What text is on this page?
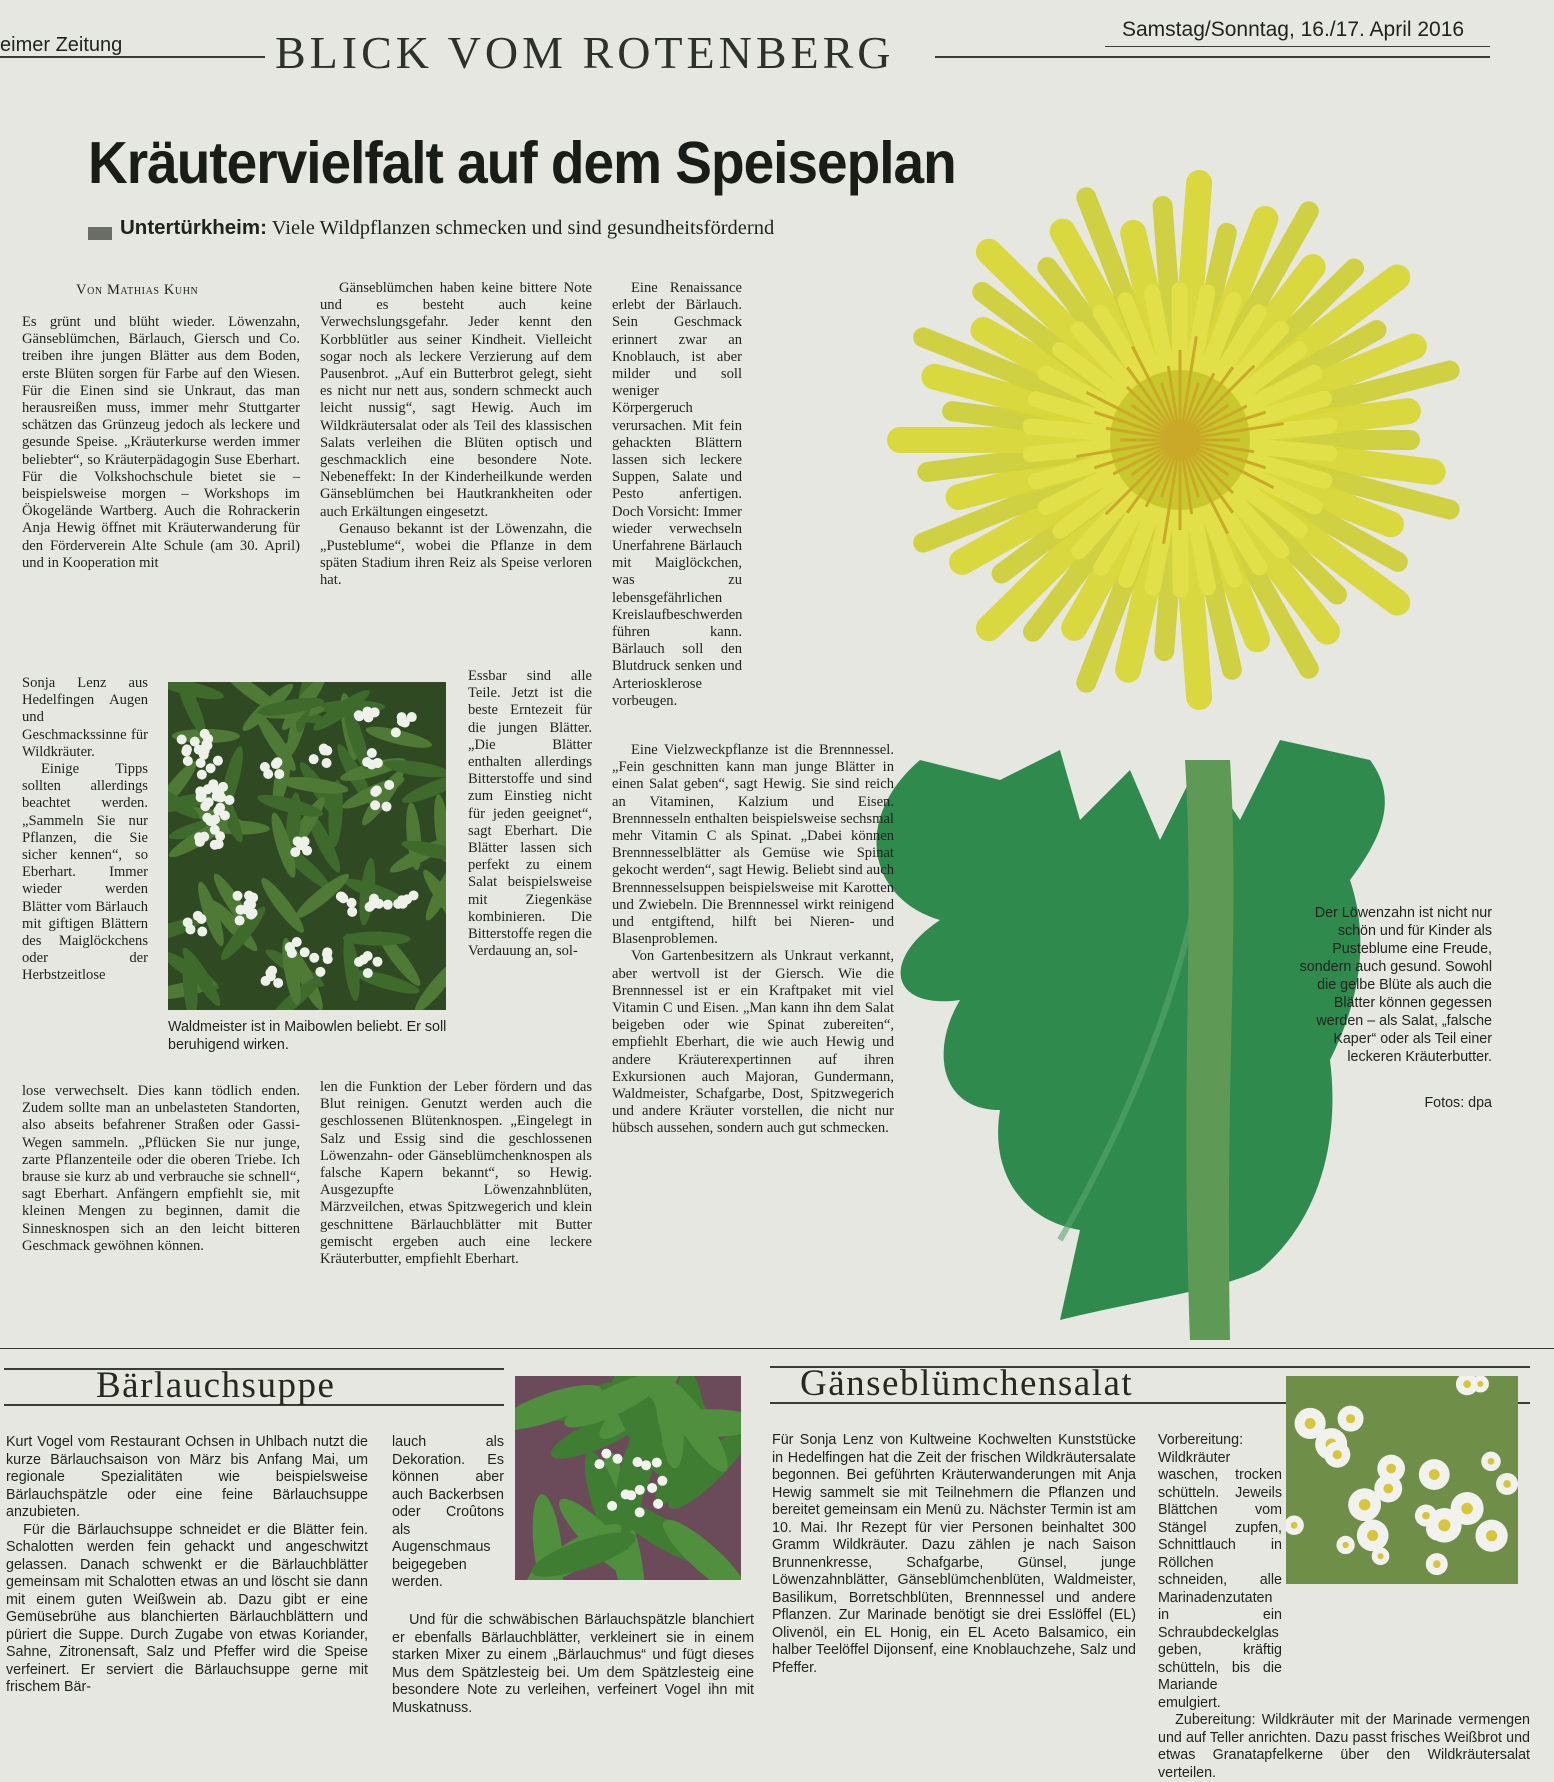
eimer Zeitung	BLICK VOM ROTENBERG	Samstag/Sonntag, 16./17. April 2016
Kräutervielfalt auf dem Speiseplan
Untertürkheim: Viele Wildpflanzen schmecken und sind gesundheitsfördernd
Von Mathias Kuhn

Es grünt und blüht wieder. Löwenzahn, Gänseblümchen, Bärlauch, Giersch und Co. treiben ihre jungen Blätter aus dem Boden, erste Blüten sorgen für Farbe auf den Wiesen. Für die Einen sind sie Unkraut, das man herausreißen muss, immer mehr Stuttgarter schätzen das Grünzeug jedoch als leckere und gesunde Speise. „Kräuterkurse werden immer beliebter“, so Kräuterpädagogin Suse Eberhart. Für die Volkshochschule bietet sie – beispielsweise morgen – Workshops im Ökogelände Wartberg. Auch die Rohrackerin Anja Hewig öffnet mit Kräuterwanderung für den Förderverein Alte Schule (am 30. April) und in Kooperation mit

Sonja Lenz aus Hedelfingen Augen und Geschmackssinne für Wildkräuter.

Einige Tipps sollten allerdings beachtet werden. „Sammeln Sie nur Pflanzen, die Sie sicher kennen“, so Eberhart. Immer wieder werden Blätter vom Bärlauch mit giftigen Blättern des Maiglöckchens oder der Herbstzeitlose

lose verwechselt. Dies kann tödlich enden. Zudem sollte man an unbelasteten Standorten, also abseits befahrener Straßen oder Gassi-Wegen sammeln. „Pflücken Sie nur junge, zarte Pflanzenteile oder die oberen Triebe. Ich brause sie kurz ab und verbrauche sie schnell“, sagt Eberhart. Anfängern empfiehlt sie, mit kleinen Mengen zu beginnen, damit die Sinnesknospen sich an den leicht bitteren Geschmack gewöhnen können.

Gänseblümchen haben keine bittere Note und es besteht auch keine Verwechslungsgefahr. Jeder kennt den Korbblütler aus seiner Kindheit. Vielleicht sogar noch als leckere Verzierung auf dem Pausenbrot. „Auf ein Butterbrot gelegt, sieht es nicht nur nett aus, sondern schmeckt auch leicht nussig“, sagt Hewig. Auch im Wildkräutersalat oder als Teil des klassischen Salats verleihen die Blüten optisch und geschmacklich eine besondere Note. Nebeneffekt: In der Kinderheilkunde werden Gänseblümchen bei Hautkrankheiten oder auch Erkältungen eingesetzt.

Genauso bekannt ist der Löwenzahn, die „Pusteblume“, wobei die Pflanze in dem späten Stadium ihren Reiz als Speise verloren hat.

Essbar sind alle Teile. Jetzt ist die beste Erntezeit für die jungen Blätter. „Die Blätter enthalten allerdings Bitterstoffe und sind zum Einstieg nicht für jeden geeignet“, sagt Eberhart. Die Blätter lassen sich perfekt zu einem Salat beispielsweise mit Ziegenkäse kombinieren. Die Bitterstoffe regen die Verdauung an, sol-

len die Funktion der Leber fördern und das Blut reinigen. Genutzt werden auch die geschlossenen Blütenknospen. „Eingelegt in Salz und Essig sind die geschlossenen Löwenzahn- oder Gänseblümchenknospen als falsche Kapern bekannt“, so Hewig. Ausgezupfte Löwenzahnblüten, Märzveilchen, etwas Spitzwegerich und klein geschnittene Bärlauchblätter mit Butter gemischt ergeben auch eine leckere Kräuterbutter, empfiehlt Eberhart.

Eine Renaissance erlebt der Bärlauch. Sein Geschmack erinnert zwar an Knoblauch, ist aber milder und soll weniger Körpergeruch verursachen. Mit fein gehackten Blättern lassen sich leckere Suppen, Salate und Pesto anfertigen. Doch Vorsicht: Immer wieder verwechseln Unerfahrene Bärlauch mit Maiglöckchen, was zu lebensgefährlichen Kreislaufbeschwerden führen kann. Bärlauch soll den Blutdruck senken und Arteriosklerose vorbeugen.

Eine Vielzweckpflanze ist die Brennnessel. „Fein geschnitten kann man junge Blätter in einen Salat geben“, sagt Hewig. Sie sind reich an Vitaminen, Kalzium und Eisen. Brennnesseln enthalten beispielsweise sechsmal mehr Vitamin C als Spinat. „Dabei können Brennnesselblätter als Gemüse wie Spinat gekocht werden“, sagt Hewig. Beliebt sind auch Brennnesselsuppen beispielsweise mit Karotten und Zwiebeln. Die Brennnessel wirkt reinigend und entgiftend, hilft bei Nieren- und Blasenproblemen.

Von Gartenbesitzern als Unkraut verkannt, aber wertvoll ist der Giersch. Wie die Brennnessel ist er ein Kraftpaket mit viel Vitamin C und Eisen. „Man kann ihn dem Salat beigeben oder wie Spinat zubereiten“, empfiehlt Eberhart, die wie auch Hewig und andere Kräuterexpertinnen auf ihren Exkursionen auch Majoran, Gundermann, Waldmeister, Schafgarbe, Dost, Spitzwegerich und andere Kräuter vorstellen, die nicht nur hübsch aussehen, sondern auch gut schmecken.

Waldmeister ist in Maibowlen beliebt. Er soll beruhigend wirken.
Der Löwenzahn ist nicht nur schön und für Kinder als Pusteblume eine Freude, sondern auch gesund. Sowohl die gelbe Blüte als auch die Blätter können gegessen werden – als Salat, „falsche Kaper“ oder als Teil einer leckeren Kräuterbutter.
Fotos: dpa
Bärlauchsuppe

Kurt Vogel vom Restaurant Ochsen in Uhlbach nutzt die kurze Bärlauchsaison von März bis Anfang Mai, um regionale Spezialitäten wie beispielsweise Bärlauchspätzle oder eine feine Bärlauchsuppe anzubieten.

Für die Bärlauchsuppe schneidet er die Blätter fein. Schalotten werden fein gehackt und angeschwitzt gelassen. Danach schwenkt er die Bärlauchblätter gemeinsam mit Schalotten etwas an und löscht sie dann mit einem guten Weißwein ab. Dazu gibt er eine Gemüsebrühe aus blanchierten Bärlauchblättern und püriert die Suppe. Durch Zugabe von etwas Koriander, Sahne, Zitronensaft, Salz und Pfeffer wird die Speise verfeinert. Er serviert die Bärlauchsuppe gerne mit frischem Bär-

lauch als Dekoration. Es können aber auch Backerbsen oder Croûtons als Augenschmaus beigegeben werden.

Und für die schwäbischen Bärlauchspätzle blanchiert er ebenfalls Bärlauchblätter, verkleinert sie in einem starken Mixer zu einem „Bärlauchmus“ und fügt dieses Mus dem Spätzlesteig bei. Um dem Spätzlesteig eine besondere Note zu verleihen, verfeinert Vogel ihn mit Muskatnuss.

Gänseblümchensalat

Für Sonja Lenz von Kultweine Kochwelten Kunststücke in Hedelfingen hat die Zeit der frischen Wildkräutersalate begonnen. Bei geführten Kräuterwanderungen mit Anja Hewig sammelt sie mit Teilnehmern die Pflanzen und bereitet gemeinsam ein Menü zu. Nächster Termin ist am 10. Mai. Ihr Rezept für vier Personen beinhaltet 300 Gramm Wildkräuter. Dazu zählen je nach Saison Brunnenkresse, Schafgarbe, Günsel, junge Löwenzahnblätter, Gänseblümchenblüten, Waldmeister, Basilikum, Borretschblüten, Brennnessel und andere Pflanzen. Zur Marinade benötigt sie drei Esslöffel (EL) Olivenöl, ein EL Honig, ein EL Aceto Balsamico, ein halber Teelöffel Dijonsenf, eine Knoblauchzehe, Salz und Pfeffer.

Vorbereitung: Wildkräuter waschen, trocken schütteln. Jeweils Blättchen vom Stängel zupfen, Schnittlauch in Röllchen schneiden, alle Marinadenzutaten in ein Schraubdeckelglas geben, kräftig schütteln, bis die Mariande emulgiert.

Zubereitung: Wildkräuter mit der Marinade vermengen und auf Teller anrichten. Dazu passt frisches Weißbrot und etwas Granatapfelkerne über den Wildkräutersalat verteilen.
